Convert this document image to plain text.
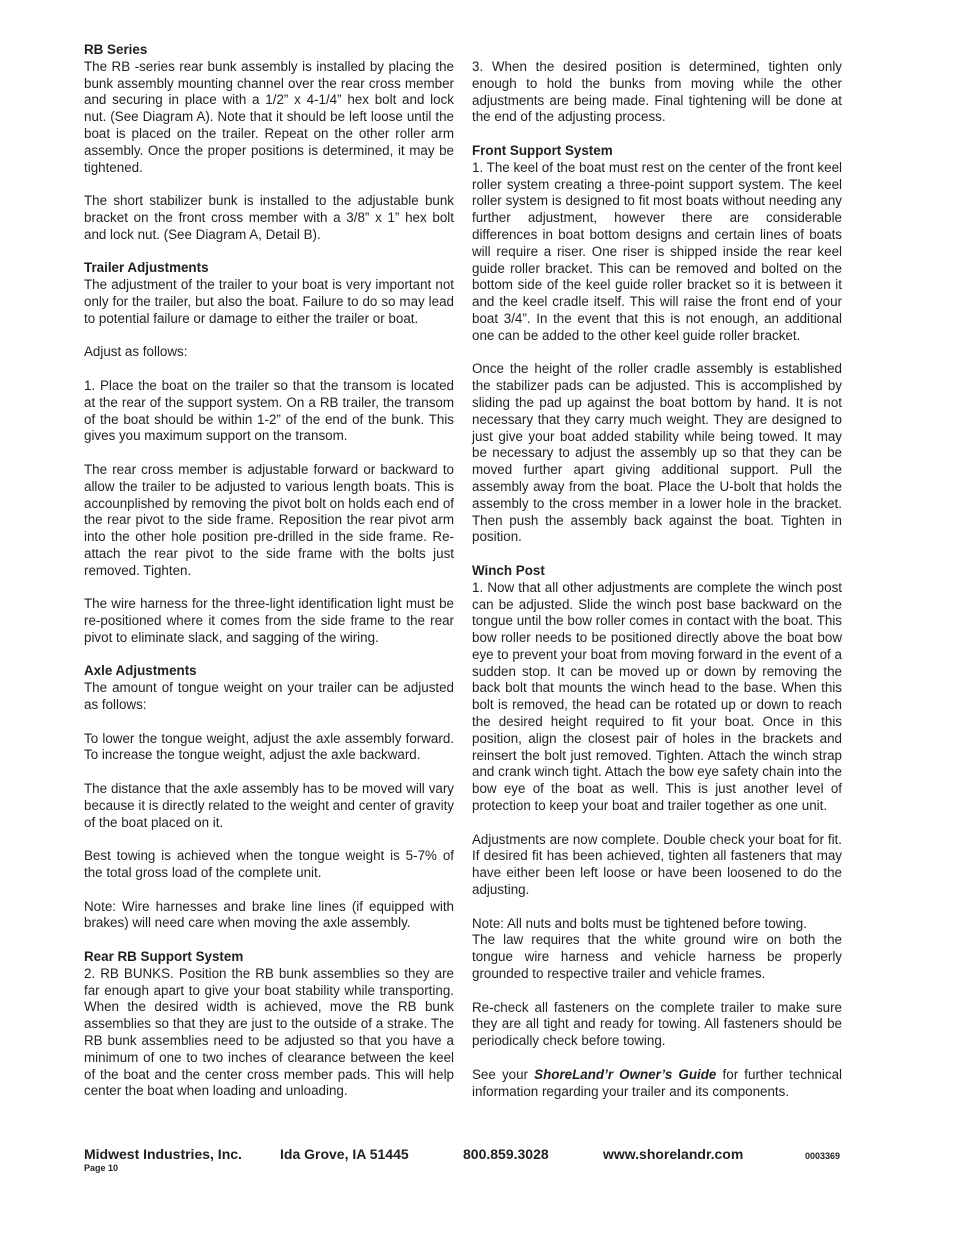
RB Series

The RB -series rear bunk assembly is installed by placing the bunk assembly mounting channel over the rear cross member and securing in place with a 1/2” x 4-1/4” hex bolt and lock nut. (See Diagram A). Note that it should be left loose until the boat is placed on the trailer. Repeat on the other roller arm assembly. Once the proper positions is determined, it may be tightened.

The short stabilizer bunk is installed to the adjustable bunk bracket on the front cross member with a 3/8” x 1” hex bolt and lock nut. (See Diagram A, Detail B).

Trailer Adjustments

The adjustment of the trailer to your boat is very important not only for the trailer, but also the boat. Failure to do so may lead to potential failure or damage to either the trailer or boat.

Adjust as follows:

1. Place the boat on the trailer so that the transom is located at the rear of the support system. On a RB trailer, the transom of the boat should be within 1-2” of the end of the bunk. This gives you maximum support on the transom.

The rear cross member is adjustable forward or backward to allow the trailer to be adjusted to various length boats. This is accounplished by removing the pivot bolt on holds each end of the rear pivot to the side frame. Reposition the rear pivot arm into the other hole position pre-drilled in the side frame. Re-attach the rear pivot to the side frame with the bolts just removed. Tighten.

The wire harness for the three-light identification light must be re-positioned where it comes from the side frame to the rear pivot to eliminate slack, and sagging of the wiring.

Axle Adjustments

The amount of tongue weight on your trailer can be adjusted as follows:

To lower the tongue weight, adjust the axle assembly forward. To increase the tongue weight, adjust the axle backward.

The distance that the axle assembly has to be moved will vary because it is directly related to the weight and center of gravity of the boat placed on it.

Best towing is achieved when the tongue weight is 5-7% of the total gross load of the complete unit.

Note: Wire harnesses and brake line lines (if equipped with brakes) will need care when moving the axle assembly.

Rear RB Support System

2. RB BUNKS. Position the RB bunk assemblies so they are far enough apart to give your boat stability while transporting. When the desired width is achieved, move the RB bunk assemblies so that they are just to the outside of a strake. The RB bunk assemblies need to be adjusted so that you have a minimum of one to two inches of clearance between the keel of the boat and the center cross member pads. This will help center the boat when loading and unloading.

3. When the desired position is determined, tighten only enough to hold the bunks from moving while the other adjustments are being made. Final tightening will be done at the end of the adjusting process.

Front Support System

1. The keel of the boat must rest on the center of the front keel roller system creating a three-point support system. The keel roller system is designed to fit most boats without needing any further adjustment, however there are considerable differences in boat bottom designs and certain lines of boats will require a riser. One riser is shipped inside the rear keel guide roller bracket. This can be removed and bolted on the bottom side of the keel guide roller bracket so it is between it and the keel cradle itself. This will raise the front end of your boat 3/4”. In the event that this is not enough, an additional one can be added to the other keel guide roller bracket.

Once the height of the roller cradle assembly is established the stabilizer pads can be adjusted. This is accomplished by sliding the pad up against the boat bottom by hand. It is not necessary that they carry much weight. They are designed to just give your boat added stability while being towed. It may be necessary to adjust the assembly up so that they can be moved further apart giving additional support. Pull the assembly away from the boat. Place the U-bolt that holds the assembly to the cross member in a lower hole in the bracket. Then push the assembly back against the boat. Tighten in position.

Winch Post

1. Now that all other adjustments are complete the winch post can be adjusted. Slide the winch post base backward on the tongue until the bow roller comes in contact with the boat. This bow roller needs to be positioned directly above the boat bow eye to prevent your boat from moving forward in the event of a sudden stop. It can be moved up or down by removing the back bolt that mounts the winch head to the base. When this bolt is removed, the head can be rotated up or down to reach the desired height required to fit your boat. Once in this position, align the closest pair of holes in the brackets and reinsert the bolt just removed. Tighten. Attach the winch strap and crank winch tight. Attach the bow eye safety chain into the bow eye of the boat as well. This is just another level of protection to keep your boat and trailer together as one unit.

Adjustments are now complete. Double check your boat for fit. If desired fit has been achieved, tighten all fasteners that may have either been left loose or have been loosened to do the adjusting.

Note: All nuts and bolts must be tightened before towing.

The law requires that the white ground wire on both the tongue wire harness and vehicle harness be properly grounded to respective trailer and vehicle frames.

Re-check all fasteners on the complete trailer to make sure they are all tight and ready for towing. All fasteners should be periodically check before towing.

See your ShoreLand’r Owner’s Guide for further technical information regarding your trailer and its components.

Midwest Industries, Inc.	Ida Grove, IA 51445	800.859.3028	www.shorelandr.com	0003369
Page 10
